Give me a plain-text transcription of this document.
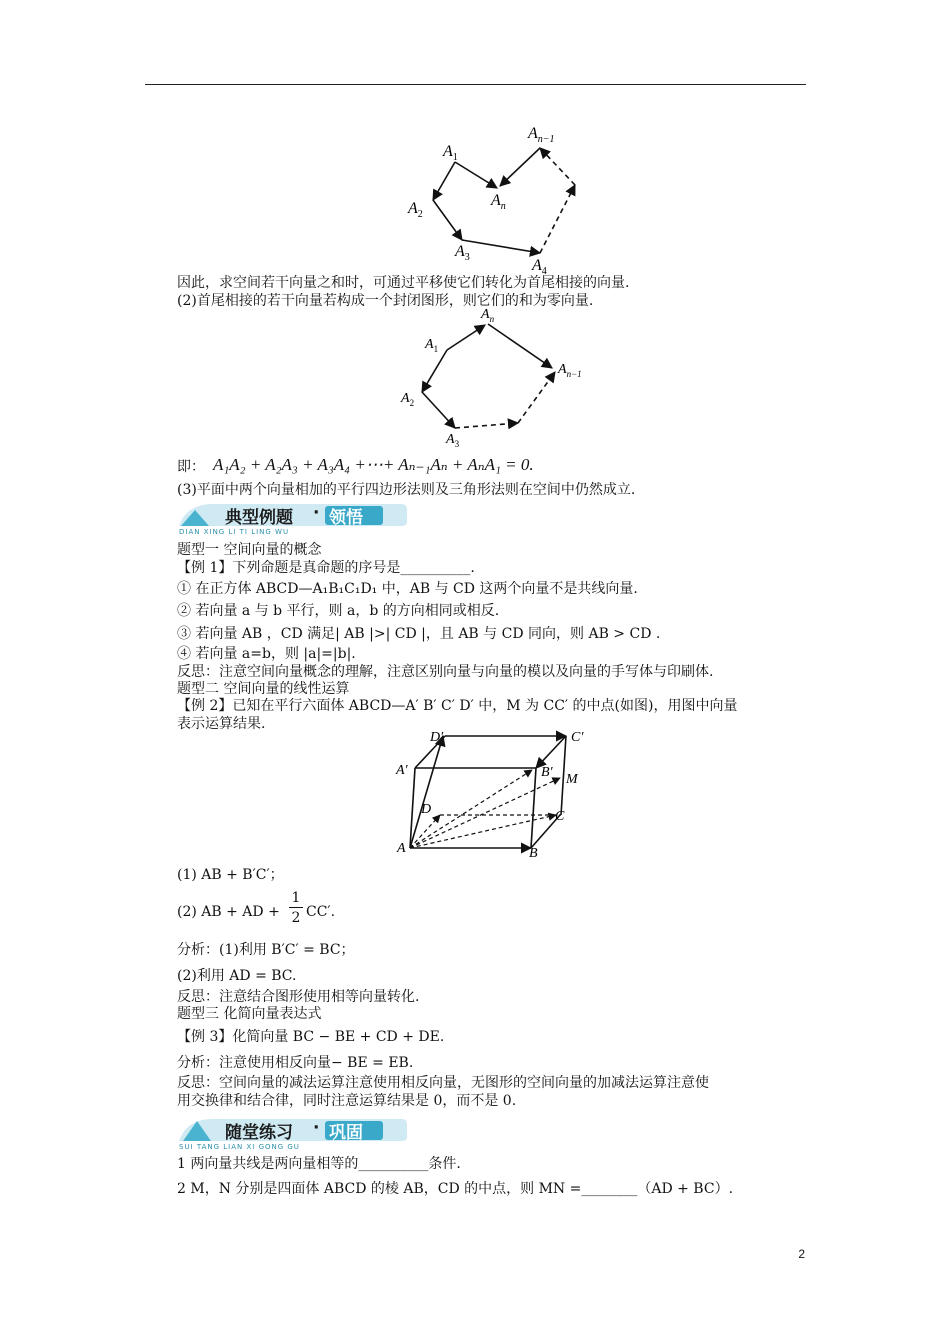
$A_1$
$A_n$
$A_{n-1}$
$A_2$
$A_3$	$A_4$
因此，求空间若干向量之和时，可通过平移使它们转化为首尾相接的向量.
(2)首尾相接的若干向量若构成一个封闭图形，则它们的和为零向量.
$A_n$
$A_1$
$A_{n-1}$
$A_2$
$A_3$
即： A₁A₂ + A₂A₃ + A₃A₄ +⋯+ Aₙ₋₁Aₙ + AₙA₁ = 0.
(3)平面中两个向量相加的平行四边形法则及三角形法则在空间中仍然成立.
典型例题 · 领悟
DIAN XING LI TI LING WU
题型一 空间向量的概念
【例 1】下列命题是真命题的序号是__________.
① 在正方体 ABCD—A₁B₁C₁D₁ 中，AB 与 CD 这两个向量不是共线向量.
② 若向量 a 与 b 平行，则 a，b 的方向相同或相反.
③ 若向量 AB ，CD 满足| AB |>| CD |，且 AB 与 CD 同向，则 AB > CD .
④ 若向量 a=b，则 |a|=|b|.
反思：注意空间向量概念的理解，注意区别向量与向量的模以及向量的手写体与印刷体.
题型二 空间向量的线性运算
【例 2】已知在平行六面体 ABCD—A′ B′ C′ D′ 中，M 为 CC′ 的中点(如图)，用图中向量
表示运算结果.
D′	C′
A′	B′ M
D	C
A	B
(1) AB + B′C′；
(2) AB + AD +
1
2 CC′.
分析：(1)利用 B′C′ = BC；
(2)利用 AD = BC.
反思：注意结合图形使用相等向量转化.
题型三 化简向量表达式
【例 3】化简向量 BC − BE + CD + DE.
分析：注意使用相反向量− BE = EB.
反思：空间向量的减法运算注意使用相反向量，无图形的空间向量的加减法运算注意使
用交换律和结合律，同时注意运算结果是 0，而不是 0.
随堂练习 · 巩固
SUI TANG LIAN XI GONG GU
1 两向量共线是两向量相等的__________条件.
2 M，N 分别是四面体 ABCD 的棱 AB，CD 的中点，则 MN =________（AD + BC）.
2
